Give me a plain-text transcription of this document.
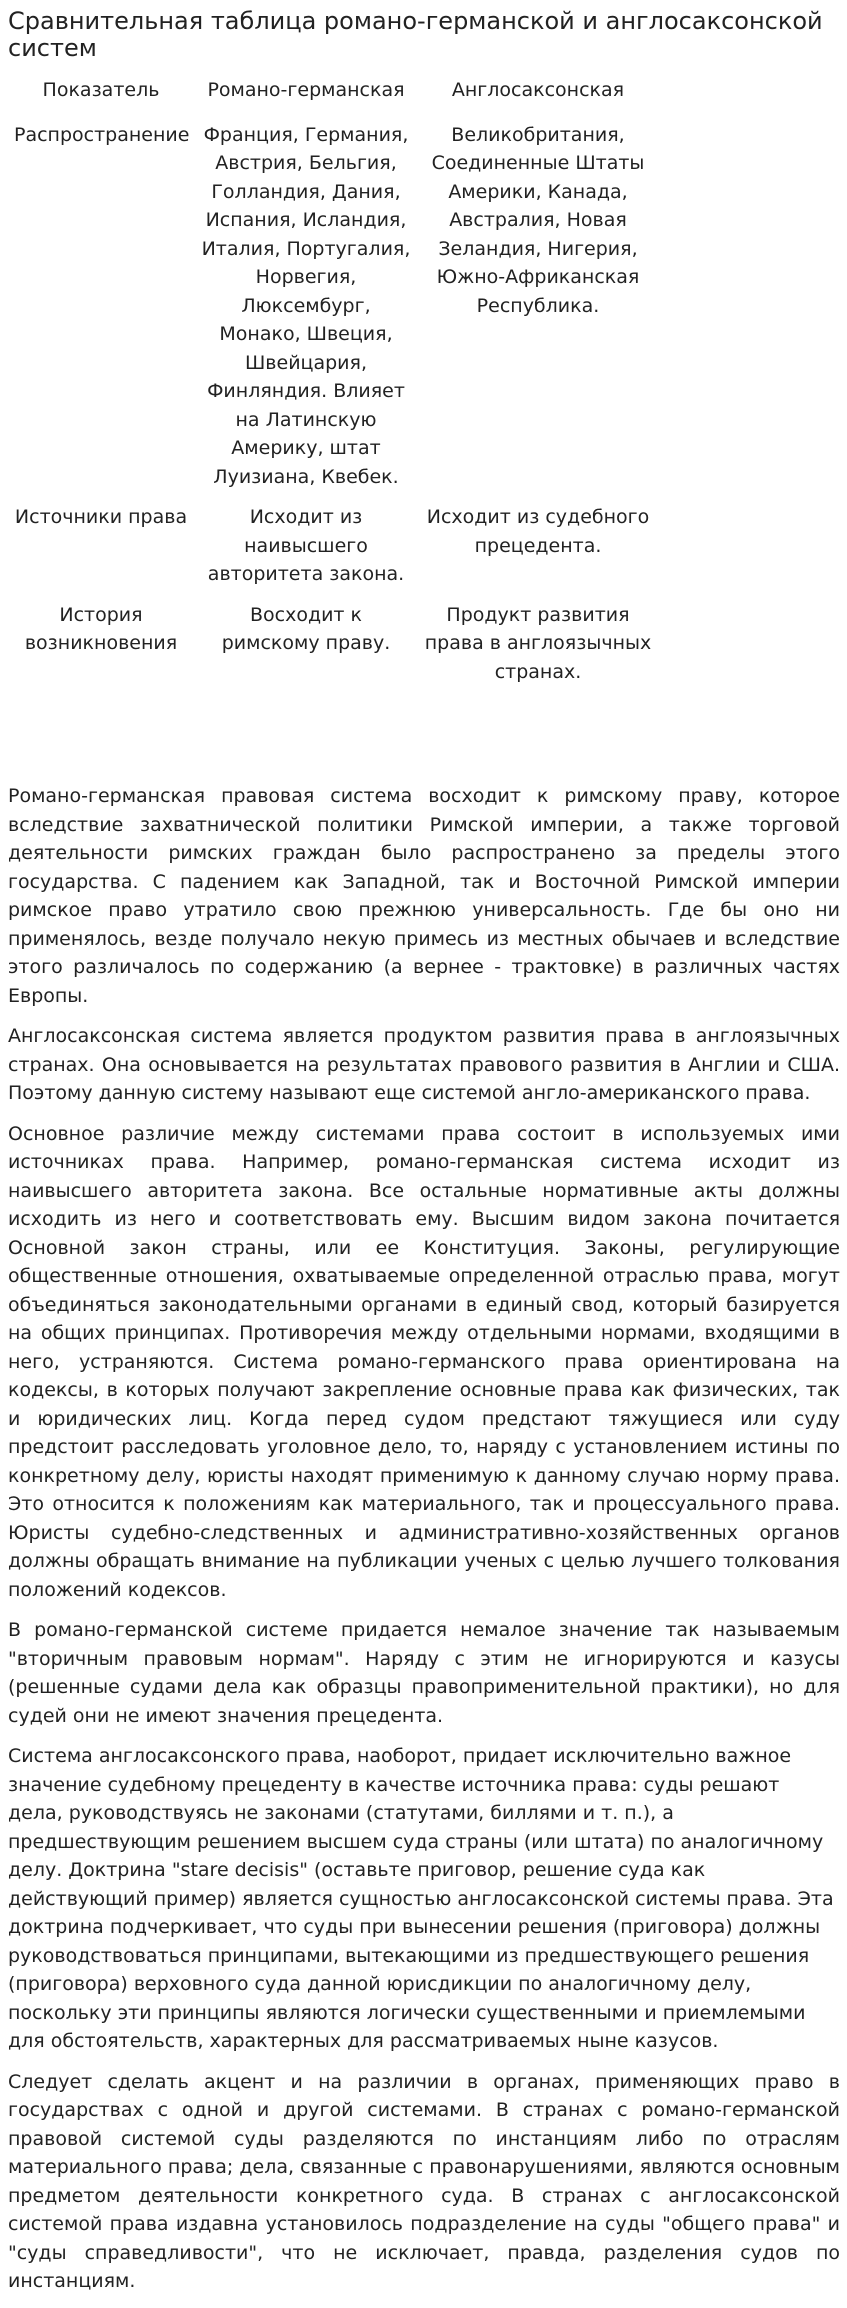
Сравнительная таблица романо-германской и англосаксонской систем
Показатель	Романо-германская	Англосаксонская
Распространение	Франция, Германия, Австрия, Бельгия, Голландия, Дания, Испания, Исландия, Италия, Португалия, Норвегия, Люксембург, Монако, Швеция, Швейцария, Финляндия. Влияет на Латинскую Америку, штат Луизиана, Квебек.	Великобритания, Соединенные Штаты Америки, Канада, Австралия, Новая Зеландия, Нигерия, Южно-Африканская Республика.
Источники права	Исходит из наивысшего авторитета закона.	Исходит из судебного прецедента.
История возникновения	Восходит к римскому праву.	Продукт развития права в англоязычных странах.

Романо-германская правовая система восходит к римскому праву, которое вследствие захватнической политики Римской империи, а также торговой деятельности римских граждан было распространено за пределы этого государства. С падением как Западной, так и Восточной Римской империи римское право утратило свою прежнюю универсальность. Где бы оно ни применялось, везде получало некую примесь из местных обычаев и вследствие этого различалось по содержанию (а вернее - трактовке) в различных частях Европы.

Англосаксонская система является продуктом развития права в англоязычных странах. Она основывается на результатах правового развития в Англии и США. Поэтому данную систему называют еще системой англо-американского права.

Основное различие между системами права состоит в используемых ими источниках права. Например, романо-германская система исходит из наивысшего авторитета закона. Все остальные нормативные акты должны исходить из него и соответствовать ему. Высшим видом закона почитается Основной закон страны, или ее Конституция. Законы, регулирующие общественные отношения, охватываемые определенной отраслью права, могут объединяться законодательными органами в единый свод, который базируется на общих принципах. Противоречия между отдельными нормами, входящими в него, устраняются. Система романо-германского права ориентирована на кодексы, в которых получают закрепление основные права как физических, так и юридических лиц. Когда перед судом предстают тяжущиеся или суду предстоит расследовать уголовное дело, то, наряду с установлением истины по конкретному делу, юристы находят применимую к данному случаю норму права. Это относится к положениям как материального, так и процессуального права. Юристы судебно-следственных и административно-хозяйственных органов должны обращать внимание на публикации ученых с целью лучшего толкования положений кодексов.

В романо-германской системе придается немалое значение так называемым "вторичным правовым нормам". Наряду с этим не игнорируются и казусы (решенные судами дела как образцы правоприменительной практики), но для судей они не имеют значения прецедента.

Система англосаксонского права, наоборот, придает исключительно важное значение судебному прецеденту в качестве источника права: суды решают дела, руководствуясь не законами (статутами, биллями и т. п.), а предшествующим решением высшем суда страны (или штата) по аналогичному делу. Доктрина "stare decisis" (оставьте приговор, решение суда как действующий пример) является сущностью англосаксонской системы права. Эта доктрина подчеркивает, что суды при вынесении решения (приговора) должны руководствоваться принципами, вытекающими из предшествующего решения (приговора) верховного суда данной юрисдикции по аналогичному делу, поскольку эти принципы являются логически существенными и приемлемыми для обстоятельств, характерных для рассматриваемых ныне казусов.

Следует сделать акцент и на различии в органах, применяющих право в государствах с одной и другой системами. В странах с романо-германской правовой системой суды разделяются по инстанциям либо по отраслям материального права; дела, связанные с правонарушениями, являются основным предметом деятельности конкретного суда. В странах с англосаксонской системой права издавна установилось подразделение на суды "общего права" и "суды справедливости", что не исключает, правда, разделения судов по инстанциям.
